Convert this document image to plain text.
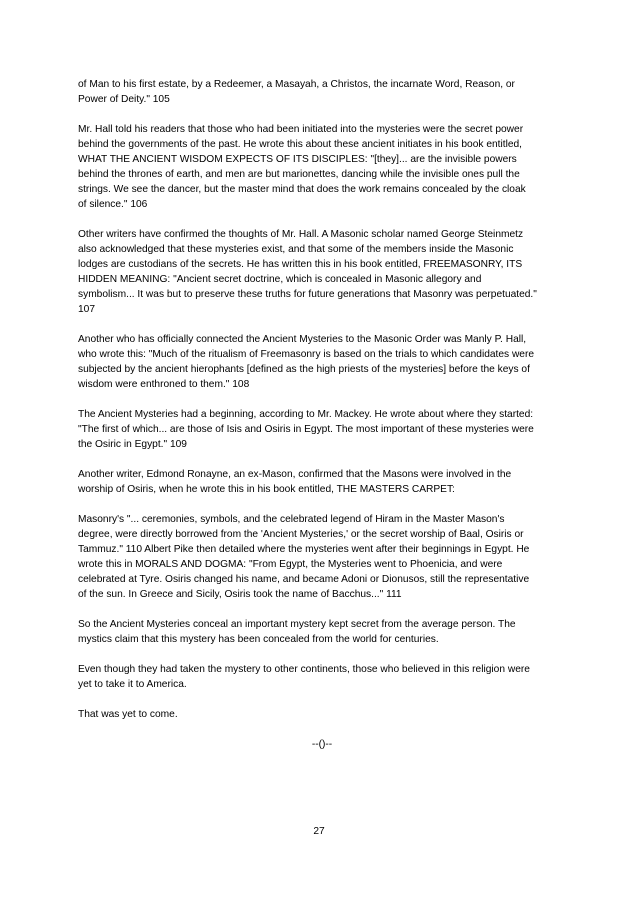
of Man to his first estate, by a Redeemer, a Masayah, a Christos, the incarnate Word, Reason, or
Power of Deity." 105

Mr. Hall told his readers that those who had been initiated into the mysteries were the secret power
behind the governments of the past. He wrote this about these ancient initiates in his book entitled,
WHAT THE ANCIENT WISDOM EXPECTS OF ITS DISCIPLES: "[they]... are the invisible powers
behind the thrones of earth, and men are but marionettes, dancing while the invisible ones pull the
strings. We see the dancer, but the master mind that does the work remains concealed by the cloak
of silence." 106

Other writers have confirmed the thoughts of Mr. Hall. A Masonic scholar named George Steinmetz
also acknowledged that these mysteries exist, and that some of the members inside the Masonic
lodges are custodians of the secrets. He has written this in his book entitled, FREEMASONRY, ITS
HIDDEN MEANING: "Ancient secret doctrine, which is concealed in Masonic allegory and
symbolism... It was but to preserve these truths for future generations that Masonry was perpetuated."
107

Another who has officially connected the Ancient Mysteries to the Masonic Order was Manly P. Hall,
who wrote this: "Much of the ritualism of Freemasonry is based on the trials to which candidates were
subjected by the ancient hierophants [defined as the high priests of the mysteries] before the keys of
wisdom were enthroned to them." 108

The Ancient Mysteries had a beginning, according to Mr. Mackey. He wrote about where they started:
"The first of which... are those of Isis and Osiris in Egypt. The most important of these mysteries were
the Osiric in Egypt." 109

Another writer, Edmond Ronayne, an ex-Mason, confirmed that the Masons were involved in the
worship of Osiris, when he wrote this in his book entitled, THE MASTERS CARPET:

Masonry's "... ceremonies, symbols, and the celebrated legend of Hiram in the Master Mason's
degree, were directly borrowed from the 'Ancient Mysteries,' or the secret worship of Baal, Osiris or
Tammuz." 110 Albert Pike then detailed where the mysteries went after their beginnings in Egypt. He
wrote this in MORALS AND DOGMA: "From Egypt, the Mysteries went to Phoenicia, and were
celebrated at Tyre. Osiris changed his name, and became Adoni or Dionusos, still the representative
of the sun. In Greece and Sicily, Osiris took the name of Bacchus..." 111

So the Ancient Mysteries conceal an important mystery kept secret from the average person. The
mystics claim that this mystery has been concealed from the world for centuries.

Even though they had taken the mystery to other continents, those who believed in this religion were
yet to take it to America.

That was yet to come.

--()--

27
